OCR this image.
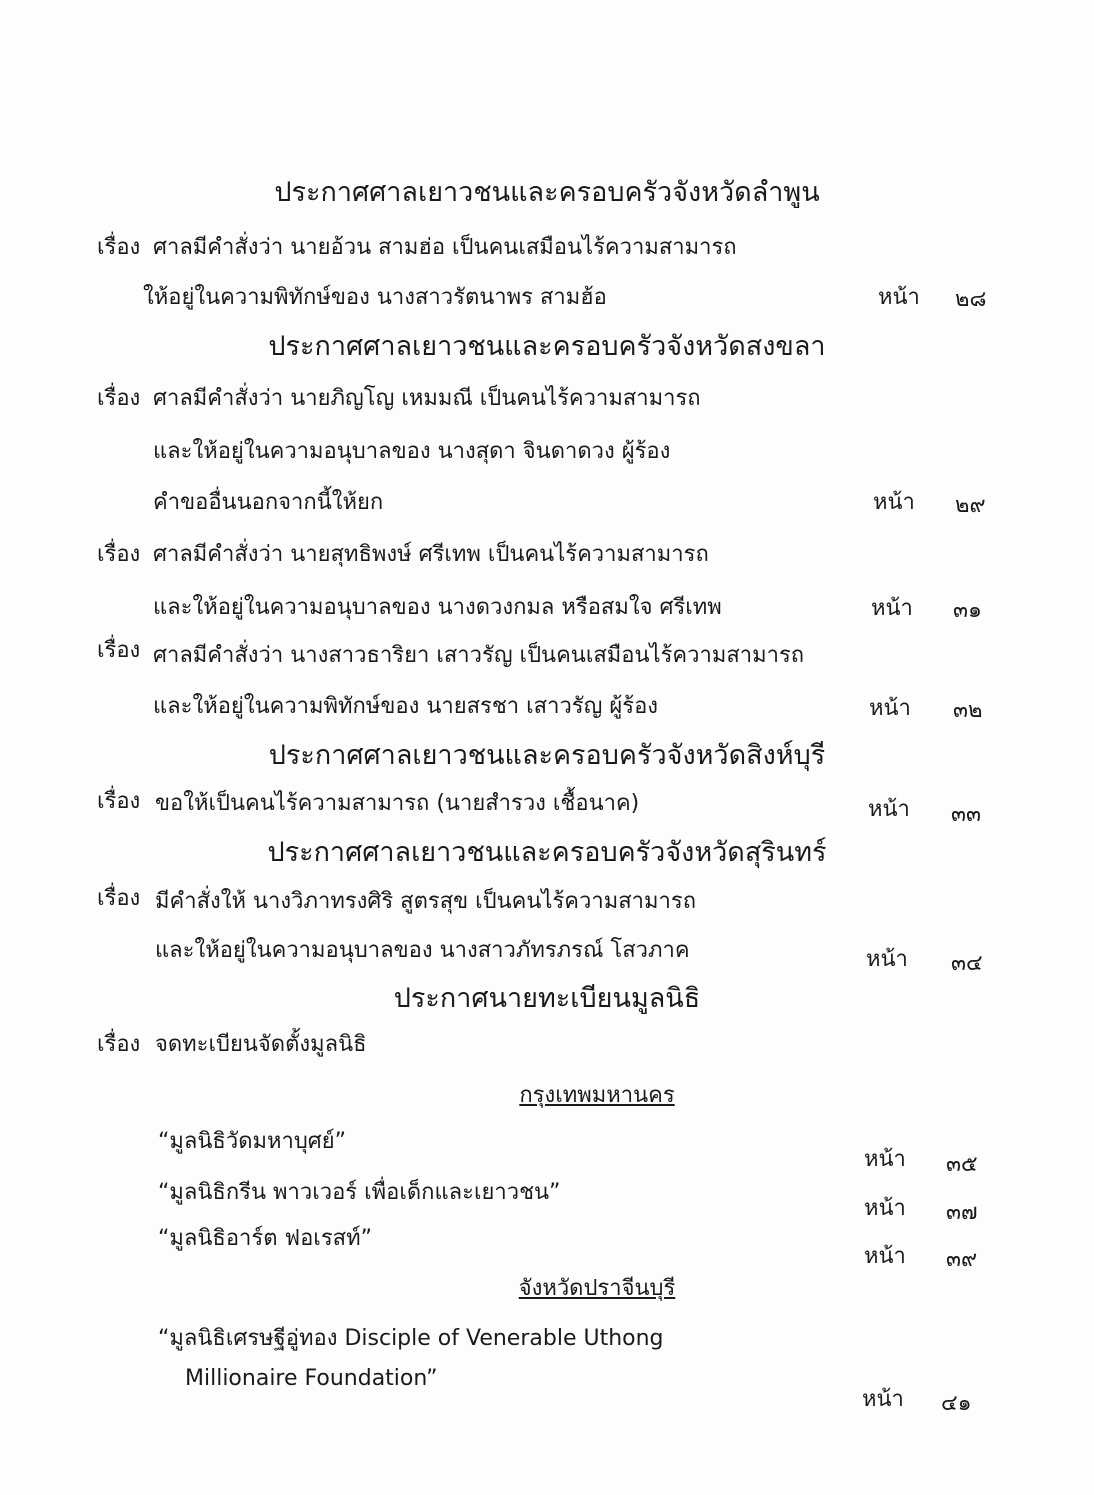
ประกาศศาลเยาวชนและครอบครัวจังหวัดลำพูน
เรื่อง ศาลมีคำสั่งว่า นายอ้วน สามฮ่อ เป็นคนเสมือนไร้ความสามารถ
ให้อยู่ในความพิทักษ์ของ นางสาวรัตนาพร สามฮ้อ	หน้า ๒๘
ประกาศศาลเยาวชนและครอบครัวจังหวัดสงขลา
เรื่อง ศาลมีคำสั่งว่า นายภิญโญ เหมมณี เป็นคนไร้ความสามารถ
และให้อยู่ในความอนุบาลของ นางสุดา จินดาดวง ผู้ร้อง
คำขออื่นนอกจากนี้ให้ยก	หน้า ๒๙
เรื่อง ศาลมีคำสั่งว่า นายสุทธิพงษ์ ศรีเทพ เป็นคนไร้ความสามารถ
และให้อยู่ในความอนุบาลของ นางดวงกมล หรือสมใจ ศรีเทพ	หน้า ๓๑
เรื่อง ศาลมีคำสั่งว่า นางสาวธาริยา เสาวรัญ เป็นคนเสมือนไร้ความสามารถ
และให้อยู่ในความพิทักษ์ของ นายสรชา เสาวรัญ ผู้ร้อง	หน้า ๓๒
ประกาศศาลเยาวชนและครอบครัวจังหวัดสิงห์บุรี
เรื่อง ขอให้เป็นคนไร้ความสามารถ (นายสำรวง เชื้อนาค)	หน้า ๓๓
ประกาศศาลเยาวชนและครอบครัวจังหวัดสุรินทร์
เรื่อง มีคำสั่งให้ นางวิภาทรงศิริ สูตรสุข เป็นคนไร้ความสามารถ
และให้อยู่ในความอนุบาลของ นางสาวภัทรภรณ์ โสวภาค	หน้า ๓๔
ประกาศนายทะเบียนมูลนิธิ
เรื่อง จดทะเบียนจัดตั้งมูลนิธิ
กรุงเทพมหานคร
“มูลนิธิวัดมหาบุศย์”
หน้า ๓๕
“มูลนิธิกรีน พาวเวอร์ เพื่อเด็กและเยาวชน”
หน้า ๓๗
“มูลนิธิอาร์ต ฟอเรสท์”
หน้า ๓๙
จังหวัดปราจีนบุรี
“มูลนิธิเศรษฐีอู่ทอง Disciple of Venerable Uthong
Millionaire Foundation”
หน้า ๔๑
